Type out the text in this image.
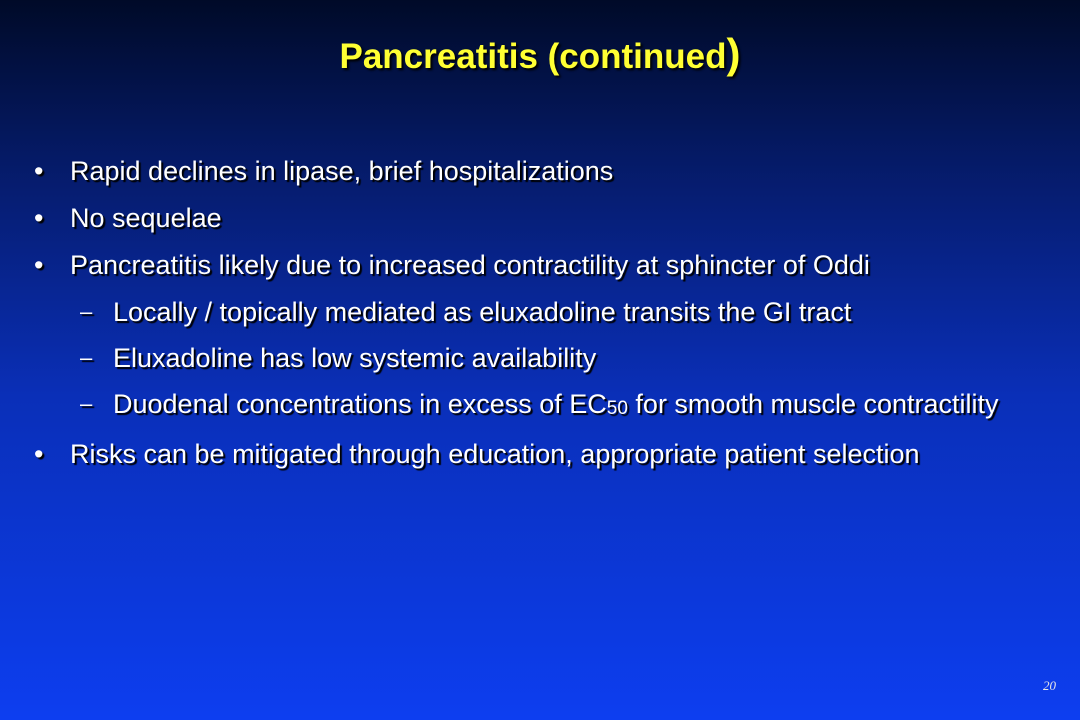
Pancreatitis (continued)
• Rapid declines in lipase, brief hospitalizations
• No sequelae
• Pancreatitis likely due to increased contractility at sphincter of Oddi
– Locally / topically mediated as eluxadoline transits the GI tract
– Eluxadoline has low systemic availability
– Duodenal concentrations in excess of $EC_{50}$ for smooth muscle contractility
• Risks can be mitigated through education, appropriate patient selection
20
